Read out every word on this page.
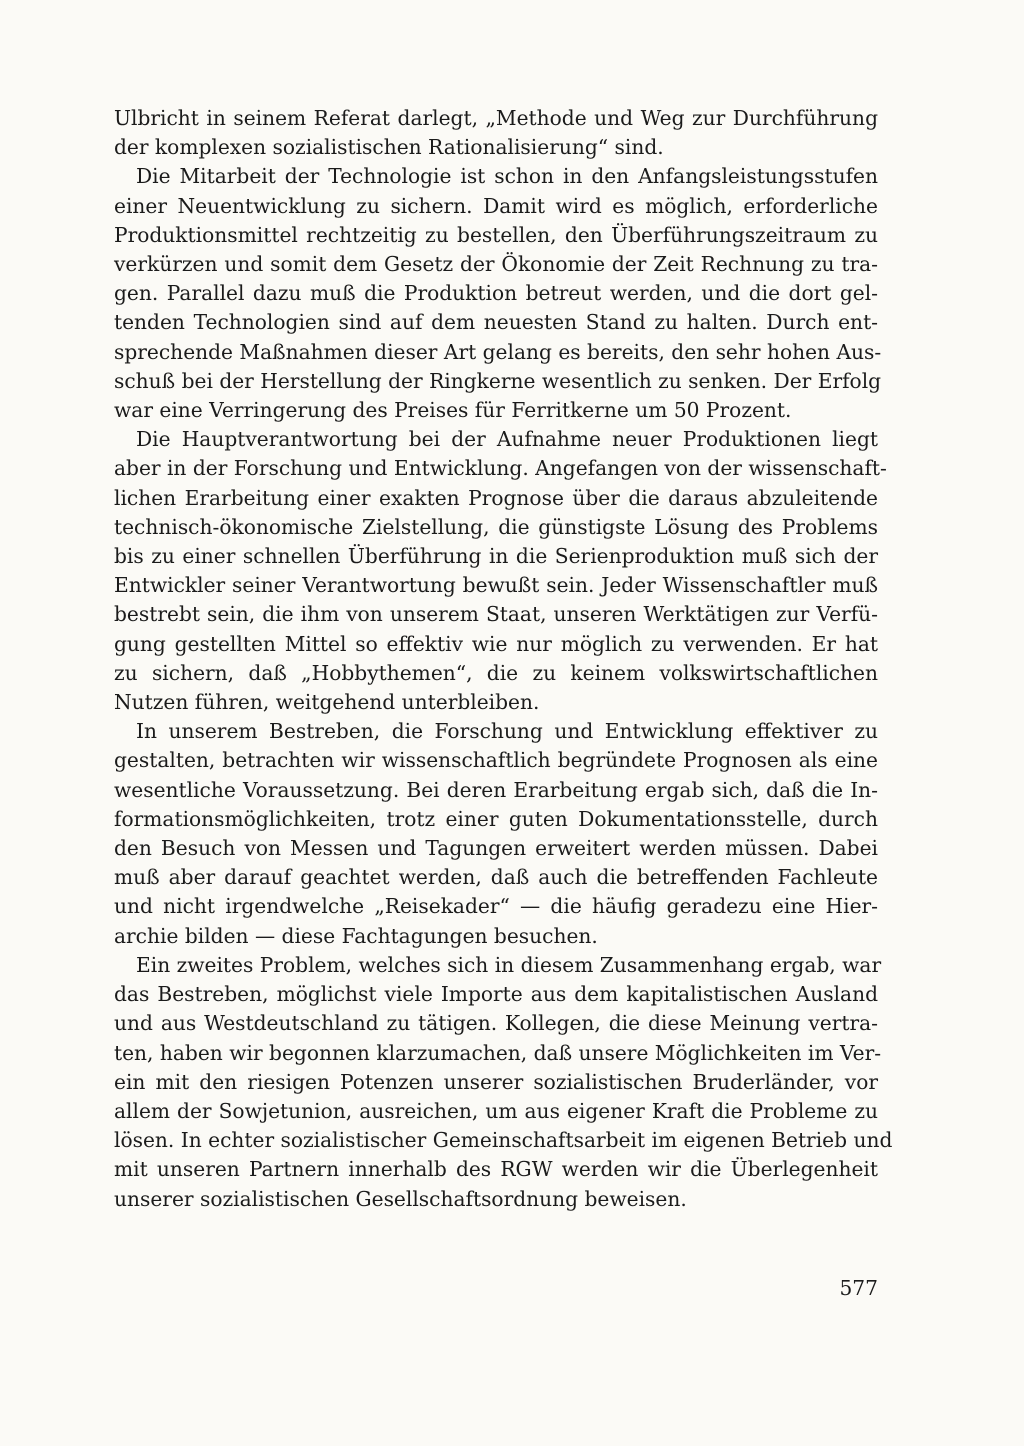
Ulbricht in seinem Referat darlegt, „Methode und Weg zur Durchführung
der komplexen sozialistischen Rationalisierung“ sind.

Die Mitarbeit der Technologie ist schon in den Anfangsleistungsstufen
einer Neuentwicklung zu sichern. Damit wird es möglich, erforderliche
Produktionsmittel rechtzeitig zu bestellen, den Überführungszeitraum zu
verkürzen und somit dem Gesetz der Ökonomie der Zeit Rechnung zu tra-
gen. Parallel dazu muß die Produktion betreut werden, und die dort gel-
tenden Technologien sind auf dem neuesten Stand zu halten. Durch ent-
sprechende Maßnahmen dieser Art gelang es bereits, den sehr hohen Aus-
schuß bei der Herstellung der Ringkerne wesentlich zu senken. Der Erfolg
war eine Verringerung des Preises für Ferritkerne um 50 Prozent.

Die Hauptverantwortung bei der Aufnahme neuer Produktionen liegt
aber in der Forschung und Entwicklung. Angefangen von der wissenschaft-
lichen Erarbeitung einer exakten Prognose über die daraus abzuleitende
technisch-ökonomische Zielstellung, die günstigste Lösung des Problems
bis zu einer schnellen Überführung in die Serienproduktion muß sich der
Entwickler seiner Verantwortung bewußt sein. Jeder Wissenschaftler muß
bestrebt sein, die ihm von unserem Staat, unseren Werktätigen zur Verfü-
gung gestellten Mittel so effektiv wie nur möglich zu verwenden. Er hat
zu sichern, daß „Hobbythemen“, die zu keinem volkswirtschaftlichen
Nutzen führen, weitgehend unterbleiben.

In unserem Bestreben, die Forschung und Entwicklung effektiver zu
gestalten, betrachten wir wissenschaftlich begründete Prognosen als eine
wesentliche Voraussetzung. Bei deren Erarbeitung ergab sich, daß die In-
formationsmöglichkeiten, trotz einer guten Dokumentationsstelle, durch
den Besuch von Messen und Tagungen erweitert werden müssen. Dabei
muß aber darauf geachtet werden, daß auch die betreffenden Fachleute
und nicht irgendwelche „Reisekader“ — die häufig geradezu eine Hier-
archie bilden — diese Fachtagungen besuchen.

Ein zweites Problem, welches sich in diesem Zusammenhang ergab, war
das Bestreben, möglichst viele Importe aus dem kapitalistischen Ausland
und aus Westdeutschland zu tätigen. Kollegen, die diese Meinung vertra-
ten, haben wir begonnen klarzumachen, daß unsere Möglichkeiten im Ver-
ein mit den riesigen Potenzen unserer sozialistischen Bruderländer, vor
allem der Sowjetunion, ausreichen, um aus eigener Kraft die Probleme zu
lösen. In echter sozialistischer Gemeinschaftsarbeit im eigenen Betrieb und
mit unseren Partnern innerhalb des RGW werden wir die Überlegenheit
unserer sozialistischen Gesellschaftsordnung beweisen.

577
